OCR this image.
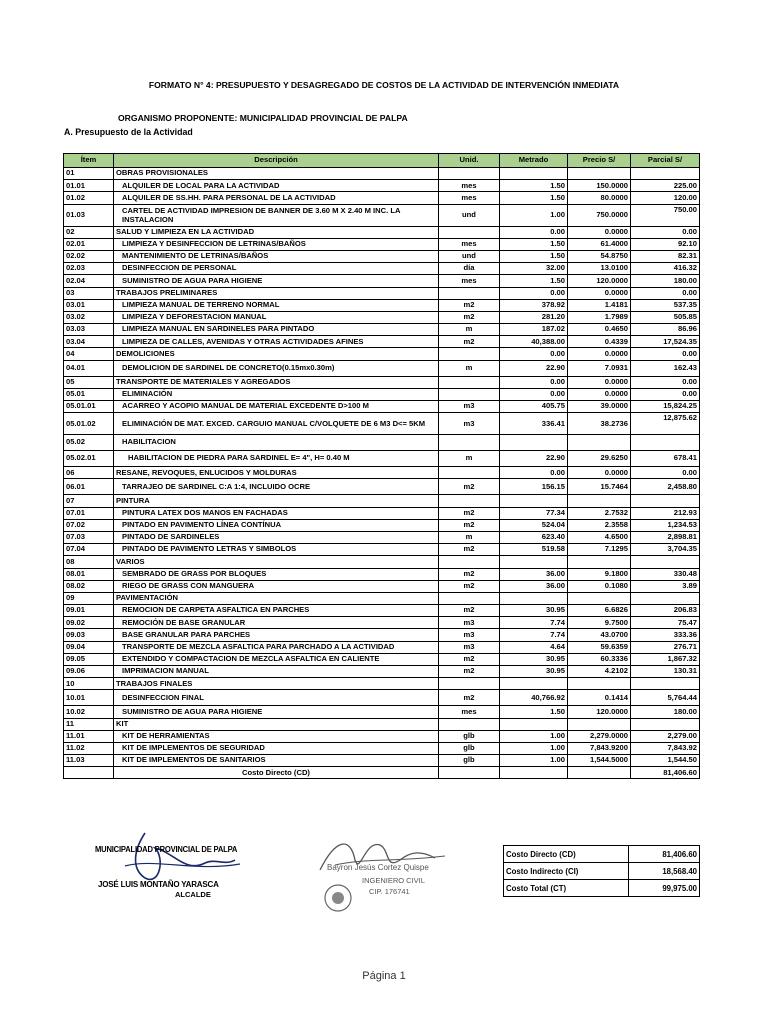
FORMATO N° 4: PRESUPUESTO Y DESAGREGADO DE COSTOS DE LA ACTIVIDAD DE INTERVENCIÓN INMEDIATA
ORGANISMO PROPONENTE: MUNICIPALIDAD PROVINCIAL DE PALPA
A. Presupuesto de la Actividad
Ítem	Descripción	Unid.	Metrado	Precio S/	Parcial S/
01	OBRAS PROVISIONALES				
01.01	ALQUILER DE LOCAL PARA LA ACTIVIDAD	mes	1.50	150.0000	225.00
01.02	ALQUILER DE SS.HH. PARA PERSONAL DE LA ACTIVIDAD	mes	1.50	80.0000	120.00
01.03	CARTEL DE ACTIVIDAD IMPRESION DE BANNER DE 3.60 M X 2.40 M INC. LA INSTALACION	und	1.00	750.0000	750.00
02	SALUD Y LIMPIEZA EN LA ACTIVIDAD		0.00	0.0000	0.00
02.01	LIMPIEZA Y DESINFECCION DE LETRINAS/BAÑOS	mes	1.50	61.4000	92.10
02.02	MANTENIMIENTO DE LETRINAS/BAÑOS	und	1.50	54.8750	82.31
02.03	DESINFECCION DE PERSONAL	día	32.00	13.0100	416.32
02.04	SUMINISTRO DE AGUA PARA HIGIENE	mes	1.50	120.0000	180.00
03	TRABAJOS PRELIMINARES		0.00	0.0000	0.00
03.01	LIMPIEZA MANUAL DE TERRENO NORMAL	m2	378.92	1.4181	537.35
03.02	LIMPIEZA Y DEFORESTACION MANUAL	m2	281.20	1.7989	505.85
03.03	LIMPIEZA MANUAL EN SARDINELES PARA PINTADO	m	187.02	0.4650	86.96
03.04	LIMPIEZA DE CALLES, AVENIDAS Y OTRAS ACTIVIDADES AFINES	m2	40,388.00	0.4339	17,524.35
04	DEMOLICIONES		0.00	0.0000	0.00
04.01	DEMOLICION DE SARDINEL DE CONCRETO(0.15mx0.30m)	m	22.90	7.0931	162.43
05	TRANSPORTE DE MATERIALES Y AGREGADOS		0.00	0.0000	0.00
05.01	ELIMINACIÓN		0.00	0.0000	0.00
05.01.01	ACARREO Y ACOPIO MANUAL DE MATERIAL EXCEDENTE D>100 M	m3	405.75	39.0000	15,824.25
05.01.02	ELIMINACIÓN DE MAT. EXCED. CARGUIO MANUAL C/VOLQUETE DE 6 M3 D<= 5KM	m3	336.41	38.2736	12,875.62
05.02	HABILITACION				
05.02.01	HABILITACION DE PIEDRA PARA SARDINEL E= 4", H= 0.40 M	m	22.90	29.6250	678.41
06	RESANE, REVOQUES, ENLUCIDOS Y MOLDURAS		0.00	0.0000	0.00
06.01	TARRAJEO DE SARDINEL C:A 1:4, INCLUIDO OCRE	m2	156.15	15.7464	2,458.80
07	PINTURA				
07.01	PINTURA LATEX DOS MANOS EN FACHADAS	m2	77.34	2.7532	212.93
07.02	PINTADO EN PAVIMENTO LÍNEA CONTÍNUA	m2	524.04	2.3558	1,234.53
07.03	PINTADO DE SARDINELES	m	623.40	4.6500	2,898.81
07.04	PINTADO DE PAVIMENTO LETRAS Y SIMBOLOS	m2	519.58	7.1295	3,704.35
08	VARIOS				
08.01	SEMBRADO DE GRASS POR BLOQUES	m2	36.00	9.1800	330.48
08.02	RIEGO DE GRASS CON MANGUERA	m2	36.00	0.1080	3.89
09	PAVIMENTACIÓN				
09.01	REMOCION DE CARPETA ASFALTICA EN PARCHES	m2	30.95	6.6826	206.83
09.02	REMOCIÓN DE BASE GRANULAR	m3	7.74	9.7500	75.47
09.03	BASE GRANULAR PARA PARCHES	m3	7.74	43.0700	333.36
09.04	TRANSPORTE DE MEZCLA ASFALTICA PARA PARCHADO A LA ACTIVIDAD	m3	4.64	59.6359	276.71
09.05	EXTENDIDO Y COMPACTACION DE MEZCLA ASFALTICA EN CALIENTE	m2	30.95	60.3336	1,867.32
09.06	IMPRIMACION MANUAL	m2	30.95	4.2102	130.31
10	TRABAJOS FINALES				
10.01	DESINFECCION FINAL	m2	40,766.92	0.1414	5,764.44
10.02	SUMINISTRO DE AGUA PARA HIGIENE	mes	1.50	120.0000	180.00
11	KIT				
11.01	KIT DE HERRAMIENTAS	glb	1.00	2,279.0000	2,279.00
11.02	KIT DE IMPLEMENTOS DE SEGURIDAD	glb	1.00	7,843.9200	7,843.92
11.03	KIT DE IMPLEMENTOS DE SANITARIOS	glb	1.00	1,544.5000	1,544.50
	Costo Directo (CD)				81,406.60
MUNICIPALIDAD PROVINCIAL DE PALPA
JOSÉ LUIS MONTAÑO YARASCA
ALCALDE
Bayron Jesús Cortez Quispe
INGENIERO CIVIL
CIP. 176741
Costo Directo (CD)	81,406.60
Costo Indirecto (CI)	18,568.40
Costo Total (CT)	99,975.00
Página 1
